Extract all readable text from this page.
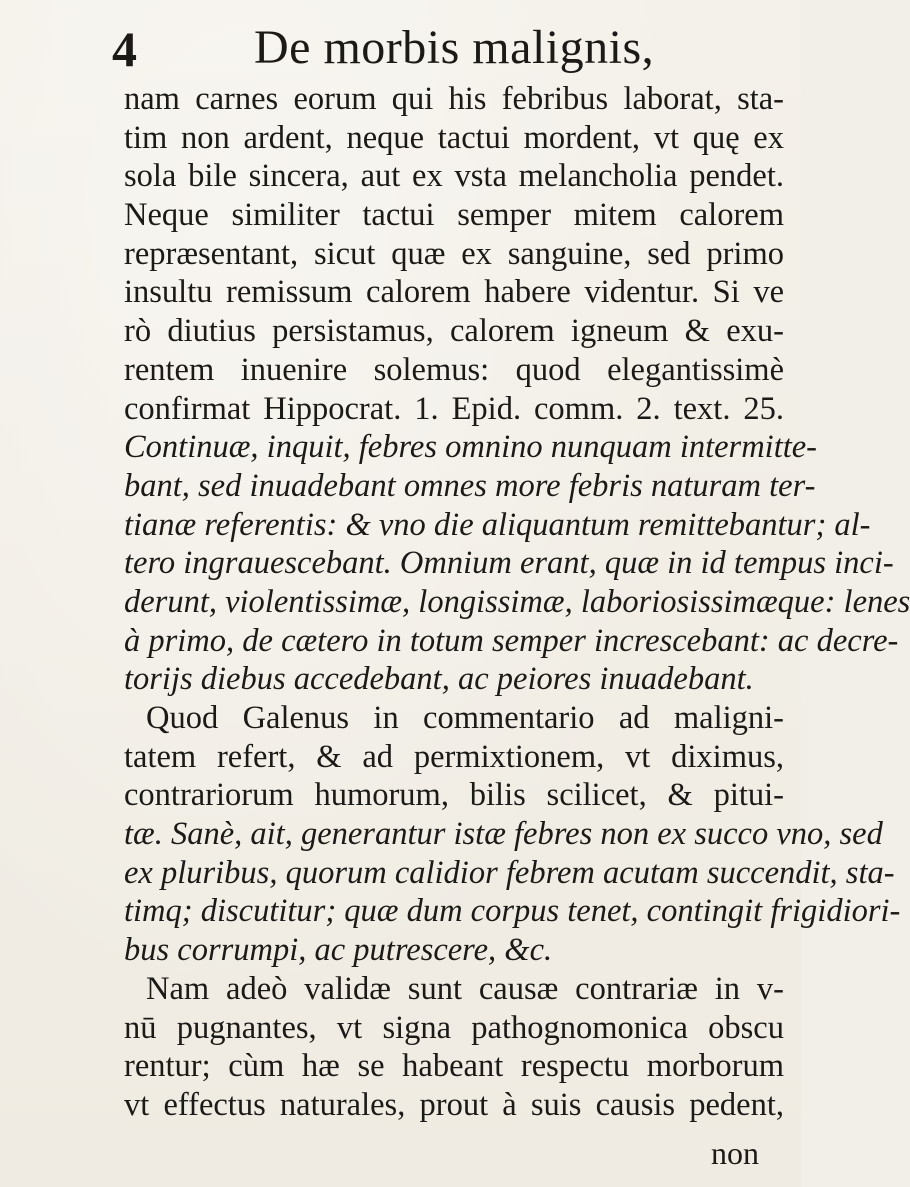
4 De morbis malignis,
nam carnes eorum qui his febribus laborat, sta-
tim non ardent, neque tactui mordent, vt quę ex
sola bile sincera, aut ex vsta melancholia pendet.
Neque similiter tactui semper mitem calorem
repræsentant, sicut quæ ex sanguine, sed primo
insultu remissum calorem habere videntur. Si ve
rò diutius persistamus, calorem igneum & exu-
rentem inuenire solemus: quod elegantissimè
confirmat Hippocrat. 1. Epid. comm. 2. text. 25.
Continuæ, inquit, febres omnino nunquam intermitte-
bant, sed inuadebant omnes more febris naturam ter-
tianæ referentis: & vno die aliquantum remittebantur; al-
tero ingrauescebant. Omnium erant, quæ in id tempus inci-
derunt, violentissimæ, longissimæ, laboriosissimæque: lenes
à primo, de cætero in totum semper increscebant: ac decre-
torijs diebus accedebant, ac peiores inuadebant.
Quod Galenus in commentario ad maligni-
tatem refert, & ad permixtionem, vt diximus,
contrariorum humorum, bilis scilicet, & pitui-
tæ. Sanè, ait, generantur istæ febres non ex succo vno, sed
ex pluribus, quorum calidior febrem acutam succendit, sta-
timq; discutitur; quæ dum corpus tenet, contingit frigidiori-
bus corrumpi, ac putrescere, &c.
Nam adeò validæ sunt causæ contrariæ in v-
nū pugnantes, vt signa pathognomonica obscu
rentur; cùm hæ se habeant respectu morborum
vt effectus naturales, prout à suis causis pedent,
non
